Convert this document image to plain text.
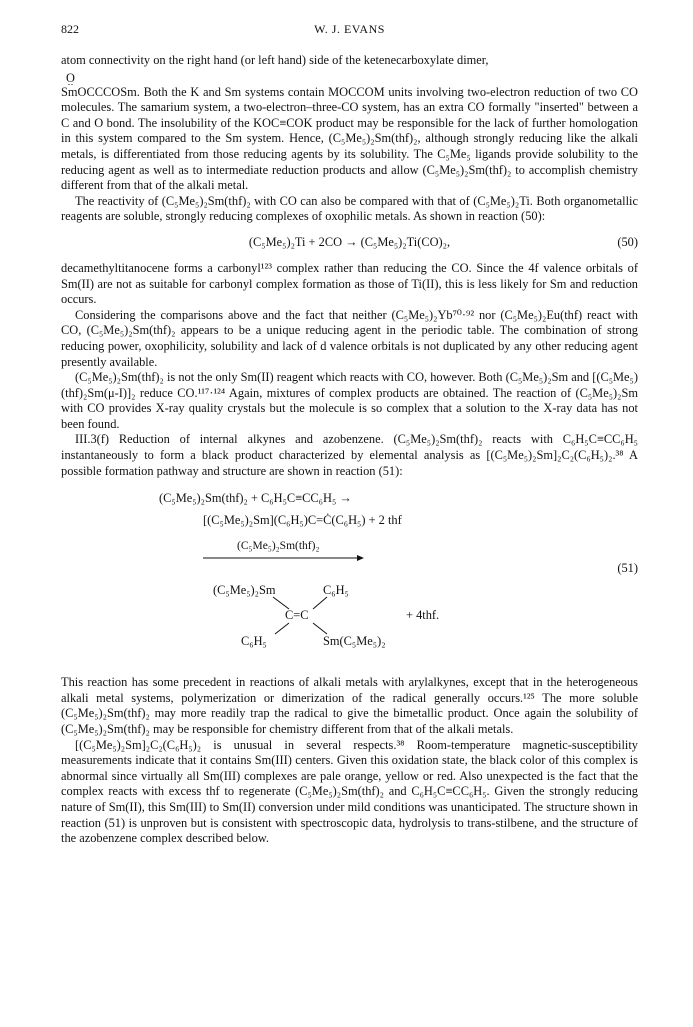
822	W. J. EVANS

atom connectivity on the right hand (or left hand) side of the ketenecarboxylate dimer,

O

SmOCCCOSm. Both the K and Sm systems contain MOCCOM units involving two-electron reduction of two CO molecules. The samarium system, a two-electron–three-CO system, has an extra CO formally "inserted" between a C and O bond. The insolubility of the KOC≡COK product may be responsible for the lack of further homologation in this system compared to the Sm system. Hence, (C₅Me₅)₂Sm(thf)₂, although strongly reducing like the alkali metals, is differentiated from those reducing agents by its solubility. The C₅Me₅ ligands provide solubility to the reducing agent as well as to intermediate reduction products and allow (C₅Me₅)₂Sm(thf)₂ to accomplish chemistry different from that of the alkali metal.

The reactivity of (C₅Me₅)₂Sm(thf)₂ with CO can also be compared with that of (C₅Me₅)₂Ti. Both organometallic reagents are soluble, strongly reducing complexes of oxophilic metals. As shown in reaction (50):

(C₅Me₅)₂Ti + 2CO → (C₅Me₅)₂Ti(CO)₂,	(50)

decamethyltitanocene forms a carbonyl¹²³ complex rather than reducing the CO. Since the 4f valence orbitals of Sm(II) are not as suitable for carbonyl complex formation as those of Ti(II), this is less likely for Sm and reduction occurs.

Considering the comparisons above and the fact that neither (C₅Me₅)₂Yb⁷⁰·⁹² nor (C₅Me₅)₂Eu(thf) react with CO, (C₅Me₅)₂Sm(thf)₂ appears to be a unique reducing agent in the periodic table. The combination of strong reducing power, oxophilicity, solubility and lack of d valence orbitals is not duplicated by any other reducing agent presently available.

(C₅Me₅)₂Sm(thf)₂ is not the only Sm(II) reagent which reacts with CO, however. Both (C₅Me₅)₂Sm and [(C₅Me₅)(thf)₂Sm(μ-I)]₂ reduce CO.¹¹⁷·¹²⁴ Again, mixtures of complex products are obtained. The reaction of (C₅Me₅)₂Sm with CO provides X-ray quality crystals but the molecule is so complex that a solution to the X-ray data has not been found.

III.3(f) Reduction of internal alkynes and azobenzene. (C₅Me₅)₂Sm(thf)₂ reacts with C₆H₅C≡CC₆H₅ instantaneously to form a black product characterized by elemental analysis as [(C₅Me₅)₂Sm]₂C₂(C₆H₅)₂.³⁸ A possible formation pathway and structure are shown in reaction (51):

(C₅Me₅)₂Sm(thf)₂ + C₆H₅C≡CC₆H₅ →
[(C₅Me₅)₂Sm](C₆H₅)C=Ċ(C₆H₅) + 2 thf
(C₅Me₅)₂Sm(thf)₂
(51)
(C₅Me₅)₂Sm	C₆H₅
C=C	+ 4thf.
C₆H₅	Sm(C₅Me₅)₂

This reaction has some precedent in reactions of alkali metals with arylalkynes, except that in the heterogeneous alkali metal systems, polymerization or dimerization of the radical generally occurs.¹²⁵ The more soluble (C₅Me₅)₂Sm(thf)₂ may more readily trap the radical to give the bimetallic product. Once again the solubility of (C₅Me₅)₂Sm(thf)₂ may be responsible for chemistry different from that of the alkali metals.

[(C₅Me₅)₂Sm]₂C₂(C₆H₅)₂ is unusual in several respects.³⁸ Room-temperature magnetic-susceptibility measurements indicate that it contains Sm(III) centers. Given this oxidation state, the black color of this complex is abnormal since virtually all Sm(III) complexes are pale orange, yellow or red. Also unexpected is the fact that the complex reacts with excess thf to regenerate (C₅Me₅)₂Sm(thf)₂ and C₆H₅C≡CC₆H₅. Given the strongly reducing nature of Sm(II), this Sm(III) to Sm(II) conversion under mild conditions was unanticipated. The structure shown in reaction (51) is unproven but is consistent with spectroscopic data, hydrolysis to trans-stilbene, and the structure of the azobenzene complex described below.
